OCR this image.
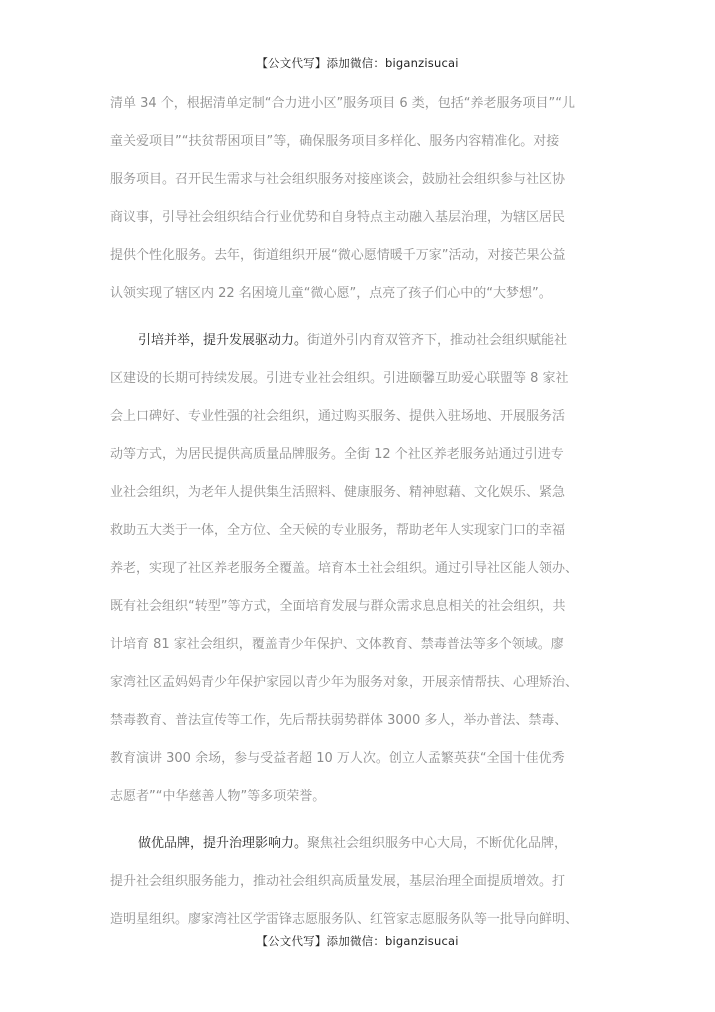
【公文代写】添加微信：biganzisucai
清单 34 个，根据清单定制“合力进小区”服务项目 6 类，包括“养老服务项目”“儿
童关爱项目”“扶贫帮困项目”等，确保服务项目多样化、服务内容精准化。对接
服务项目。召开民生需求与社会组织服务对接座谈会，鼓励社会组织参与社区协
商议事，引导社会组织结合行业优势和自身特点主动融入基层治理，为辖区居民
提供个性化服务。去年，街道组织开展“微心愿情暖千万家”活动，对接芒果公益
认领实现了辖区内 22 名困境儿童“微心愿”，点亮了孩子们心中的“大梦想”。
引培并举，提升发展驱动力。街道外引内育双管齐下，推动社会组织赋能社
区建设的长期可持续发展。引进专业社会组织。引进颐馨互助爱心联盟等 8 家社
会上口碑好、专业性强的社会组织，通过购买服务、提供入驻场地、开展服务活
动等方式，为居民提供高质量品牌服务。全街 12 个社区养老服务站通过引进专
业社会组织，为老年人提供集生活照料、健康服务、精神慰藉、文化娱乐、紧急
救助五大类于一体，全方位、全天候的专业服务，帮助老年人实现家门口的幸福
养老，实现了社区养老服务全覆盖。培育本土社会组织。通过引导社区能人领办、
既有社会组织“转型”等方式，全面培育发展与群众需求息息相关的社会组织，共
计培育 81 家社会组织，覆盖青少年保护、文体教育、禁毒普法等多个领域。廖
家湾社区孟妈妈青少年保护家园以青少年为服务对象，开展亲情帮扶、心理矫治、
禁毒教育、普法宣传等工作，先后帮扶弱势群体 3000 多人，举办普法、禁毒、
教育演讲 300 余场，参与受益者超 10 万人次。创立人孟繁英获“全国十佳优秀
志愿者”“中华慈善人物”等多项荣誉。
做优品牌，提升治理影响力。聚焦社会组织服务中心大局，不断优化品牌，
提升社会组织服务能力，推动社会组织高质量发展，基层治理全面提质增效。打
造明星组织。廖家湾社区学雷锋志愿服务队、红管家志愿服务队等一批导向鲜明、
【公文代写】添加微信：biganzisucai
